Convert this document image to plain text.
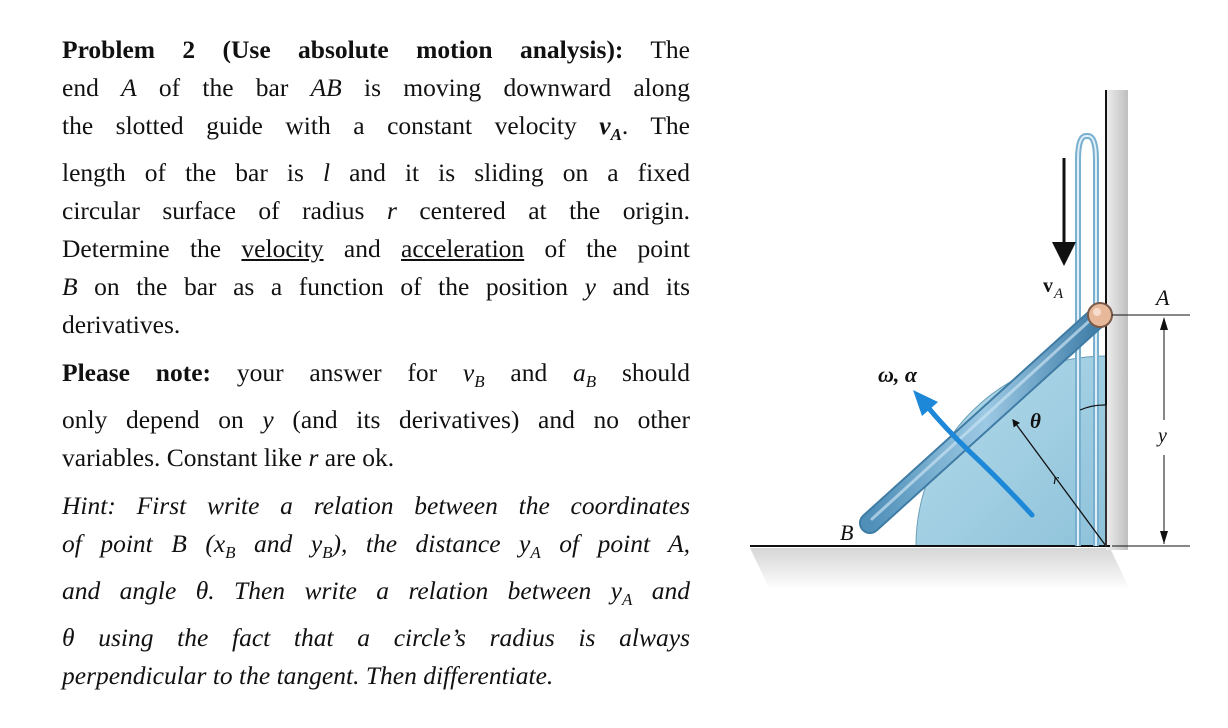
Problem 2 (Use absolute motion analysis): The
end A of the bar AB is moving downward along
the slotted guide with a constant velocity $v_A$. The
length of the bar is l and it is sliding on a fixed
circular surface of radius r centered at the origin.
Determine the velocity and acceleration of the point
B on the bar as a function of the position y and its
derivatives.
Please note: your answer for $v_B$ and $a_B$ should
only depend on y (and its derivatives) and no other
variables. Constant like r are ok.
Hint: First write a relation between the coordinates
of point B ($x_B$ and $y_B$), the distance $y_A$ of point A,
and angle θ. Then write a relation between $y_A$ and
θ using the fact that a circle’s radius is always
perpendicular to the tangent. Then differentiate.
ω, α
v A	A
y
θ
r
B
